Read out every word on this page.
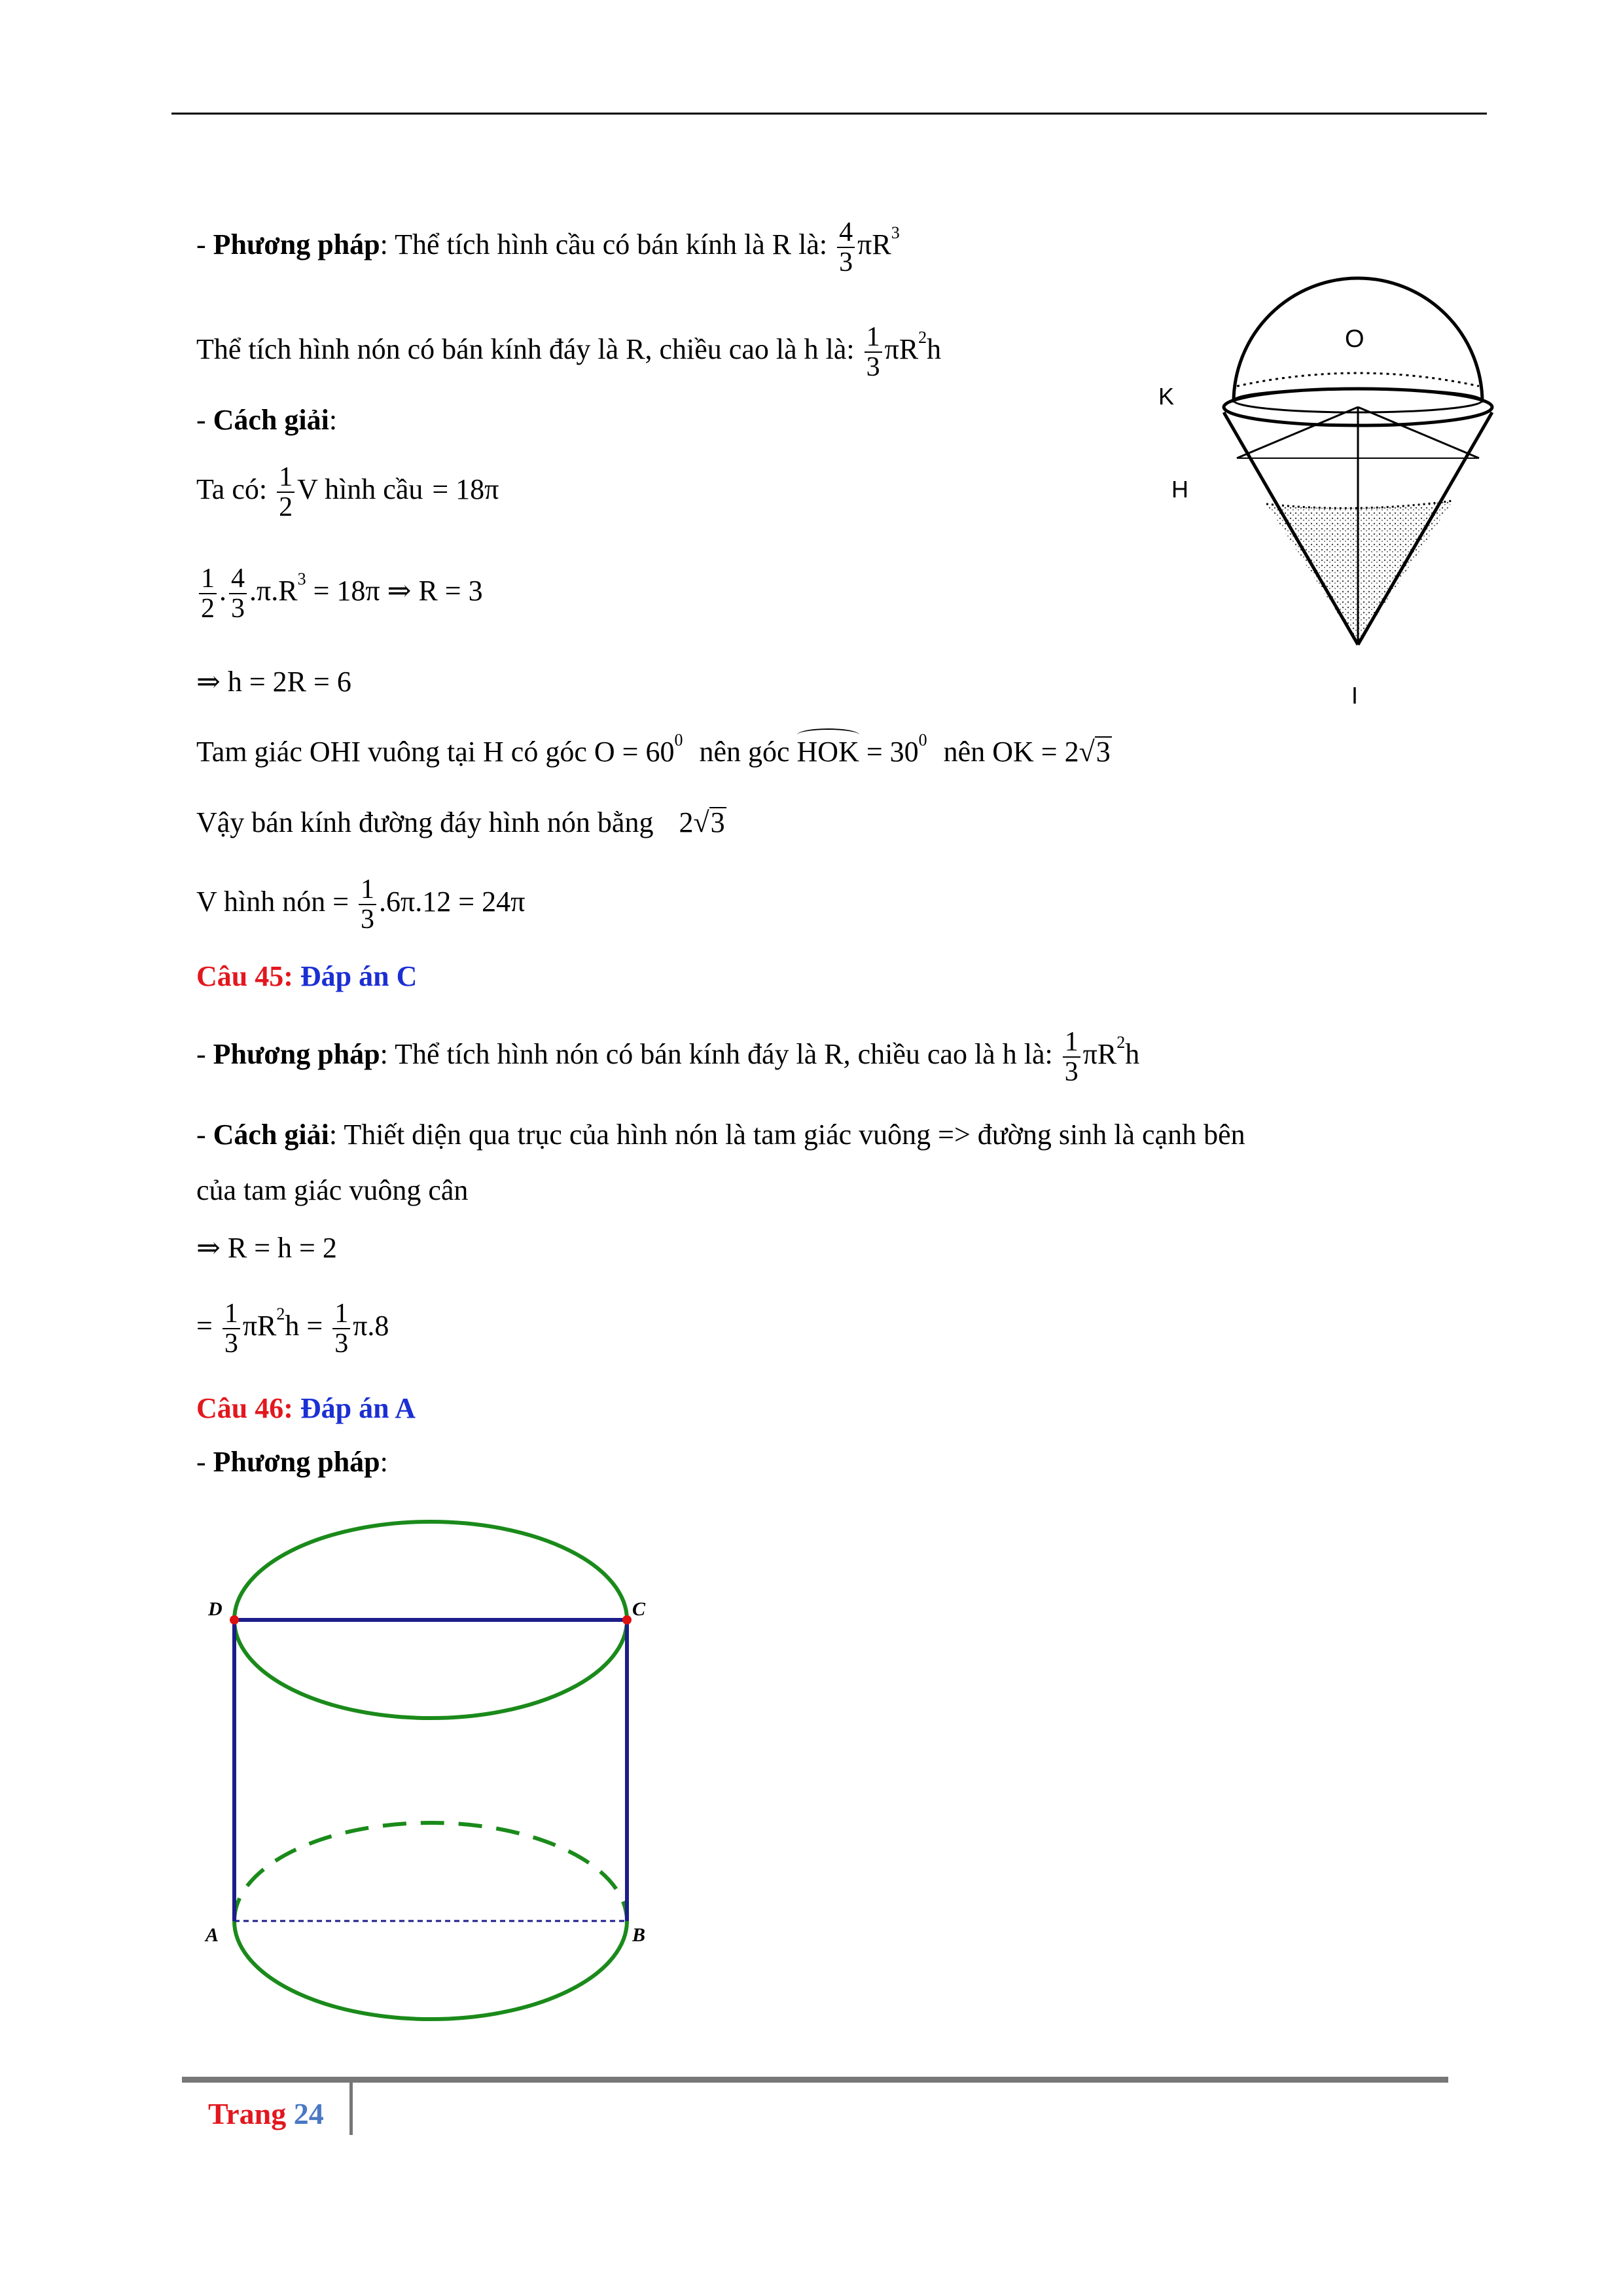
- Phương pháp: Thể tích hình cầu có bán kính là R là: $\frac{4}{3} \pi R^3$
Thể tích hình nón có bán kính đáy là R, chiều cao là h là: $\frac{1}{3} \pi R^2h$
- Cách giải:
Ta có: $\frac{1}{2}$ V hình cầu = 18π
$\frac{1}{2}$ . $\frac{4}{3} .\pi.R^3 = 18\pi$ ⇒ R = 3
⇒ h = 2R = 6
Tam giác OHI vuông tại H có góc $O = 60^0$ nên góc HOK = $30^0$ nên OK = 2√3
Vậy bán kính đường đáy hình nón bằng 2√3
V hình nón = $\frac{1}{3} .6\pi.12 = 24\pi$
Câu 45: Đáp án C
- Phương pháp: Thể tích hình nón có bán kính đáy là R, chiều cao là h là: $\frac{1}{3} \pi R^2h$
- Cách giải: Thiết diện qua trục của hình nón là tam giác vuông => đường sinh là cạnh bên
của tam giác vuông cân
⇒ R = h = 2
= $\frac{1}{3} \pi R^2h = \frac{1}{3} \pi.8$
Câu 46: Đáp án A
- Phương pháp:
O
K
H
I
D	C
A	B
Trang 24
